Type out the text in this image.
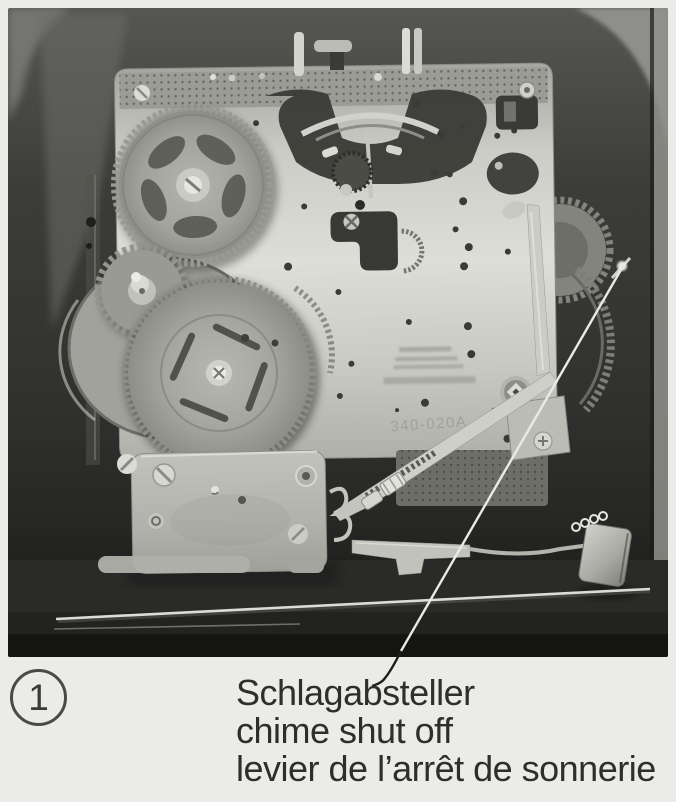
340-020A
1	Schlagabsteller
chime shut off
levier de l’arrêt de sonnerie
